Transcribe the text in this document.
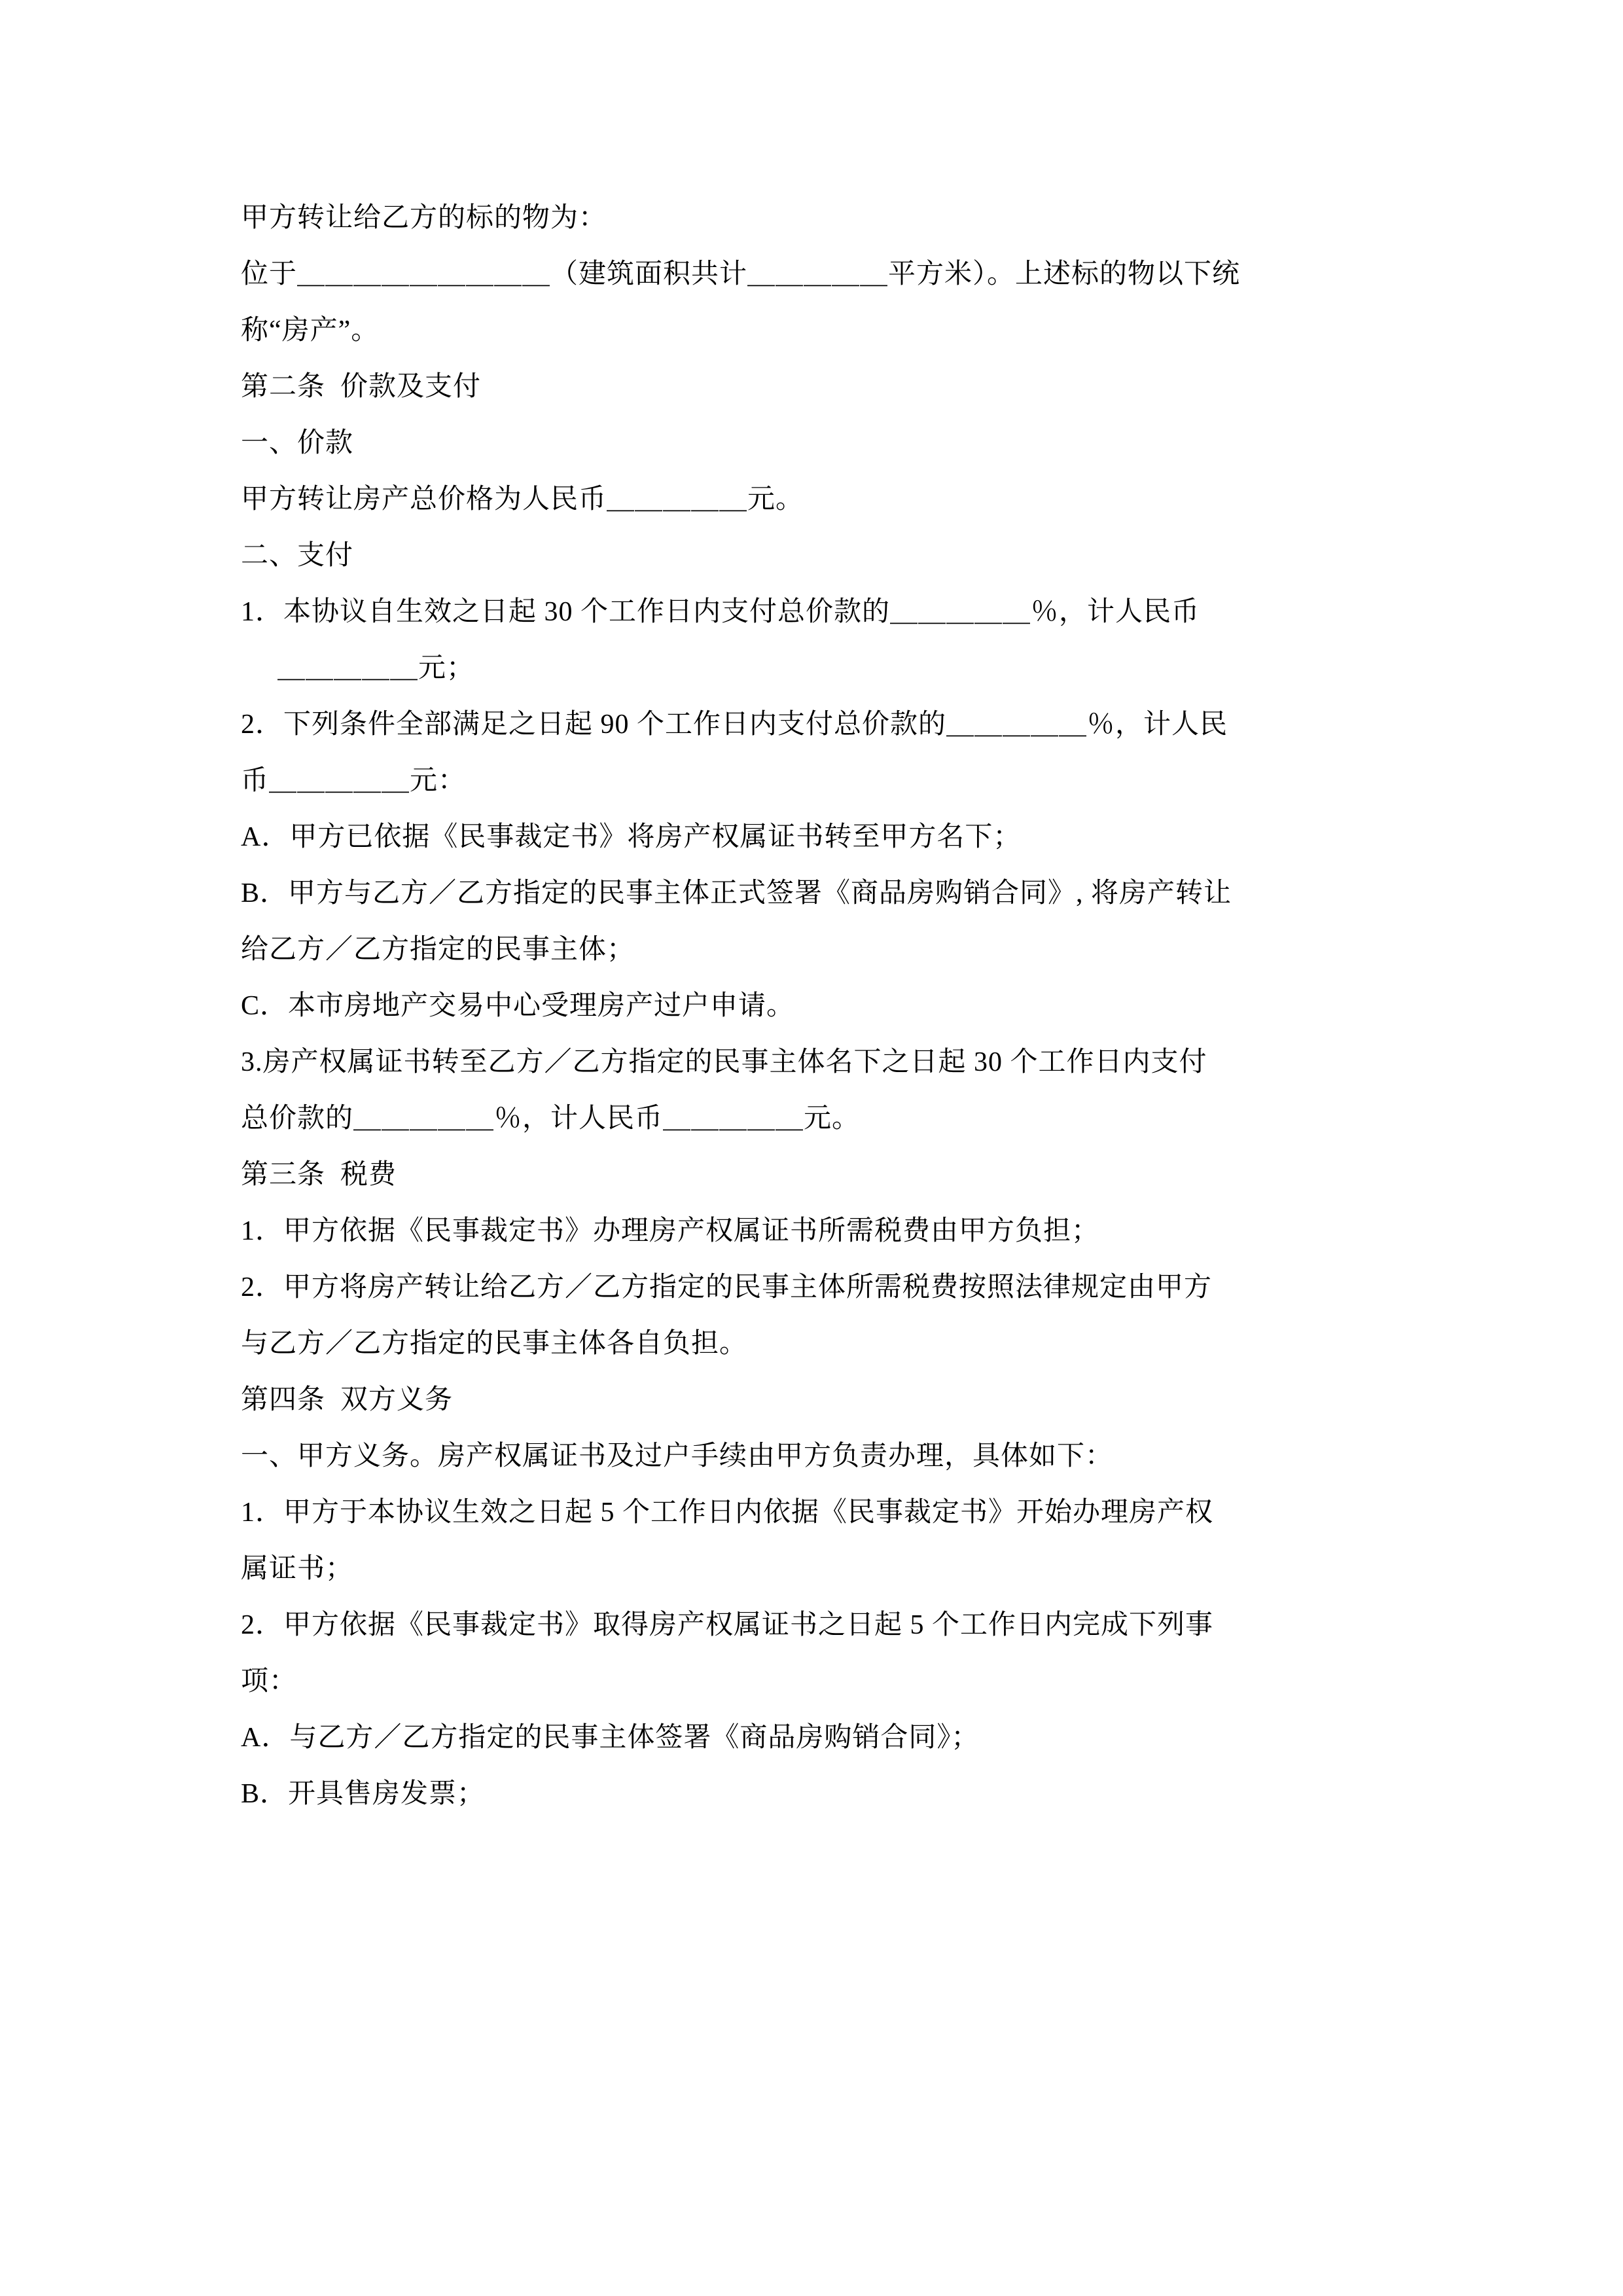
甲方转让给乙方的标的物为：
位于＿＿＿＿＿＿＿＿＿（建筑面积共计＿＿＿＿＿平方米）。上述标的物以下统
称“房产”。
第二条  价款及支付
一、价款
甲方转让房产总价格为人民币＿＿＿＿＿元。
二、支付
1．本协议自生效之日起 30 个工作日内支付总价款的＿＿＿＿＿％，计人民币
＿＿＿＿＿元；
2．下列条件全部满足之日起 90 个工作日内支付总价款的＿＿＿＿＿％，计人民
币＿＿＿＿＿元：
A．甲方已依据《民事裁定书》将房产权属证书转至甲方名下；
B．甲方与乙方／乙方指定的民事主体正式签署《商品房购销合同》, 将房产转让
给乙方／乙方指定的民事主体；
C．本市房地产交易中心受理房产过户申请。
3.房产权属证书转至乙方／乙方指定的民事主体名下之日起 30 个工作日内支付
总价款的＿＿＿＿＿％，计人民币＿＿＿＿＿元。
第三条  税费
1．甲方依据《民事裁定书》办理房产权属证书所需税费由甲方负担；
2．甲方将房产转让给乙方／乙方指定的民事主体所需税费按照法律规定由甲方
与乙方／乙方指定的民事主体各自负担。
第四条  双方义务
一、甲方义务。房产权属证书及过户手续由甲方负责办理，具体如下：
1．甲方于本协议生效之日起 5 个工作日内依据《民事裁定书》开始办理房产权
属证书；
2．甲方依据《民事裁定书》取得房产权属证书之日起 5 个工作日内完成下列事
项：
A．与乙方／乙方指定的民事主体签署《商品房购销合同》；
B．开具售房发票；
